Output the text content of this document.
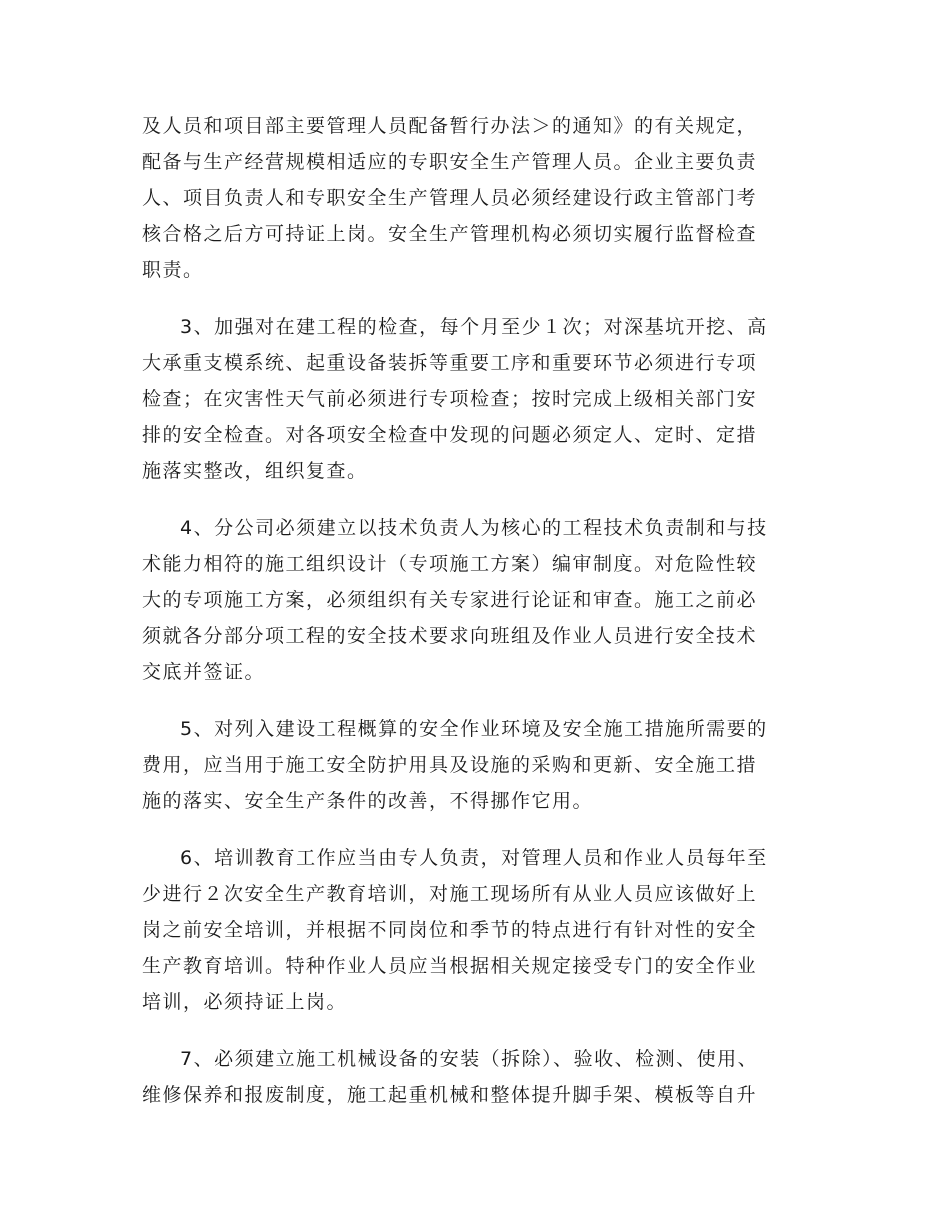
及人员和项目部主要管理人员配备暂行办法＞的通知》的有关规定，
配备与生产经营规模相适应的专职安全生产管理人员。企业主要负责
人、项目负责人和专职安全生产管理人员必须经建设行政主管部门考
核合格之后方可持证上岗。安全生产管理机构必须切实履行监督检查
职责。
3、加强对在建工程的检查，每个月至少１次；对深基坑开挖、高
大承重支模系统、起重设备装拆等重要工序和重要环节必须进行专项
检查；在灾害性天气前必须进行专项检查；按时完成上级相关部门安
排的安全检查。对各项安全检查中发现的问题必须定人、定时、定措
施落实整改，组织复查。
4、分公司必须建立以技术负责人为核心的工程技术负责制和与技
术能力相符的施工组织设计（专项施工方案）编审制度。对危险性较
大的专项施工方案，必须组织有关专家进行论证和审查。施工之前必
须就各分部分项工程的安全技术要求向班组及作业人员进行安全技术
交底并签证。
5、对列入建设工程概算的安全作业环境及安全施工措施所需要的
费用，应当用于施工安全防护用具及设施的采购和更新、安全施工措
施的落实、安全生产条件的改善，不得挪作它用。
6、培训教育工作应当由专人负责，对管理人员和作业人员每年至
少进行２次安全生产教育培训，对施工现场所有从业人员应该做好上
岗之前安全培训，并根据不同岗位和季节的特点进行有针对性的安全
生产教育培训。特种作业人员应当根据相关规定接受专门的安全作业
培训，必须持证上岗。
7、必须建立施工机械设备的安装（拆除）、验收、检测、使用、
维修保养和报废制度，施工起重机械和整体提升脚手架、模板等自升
